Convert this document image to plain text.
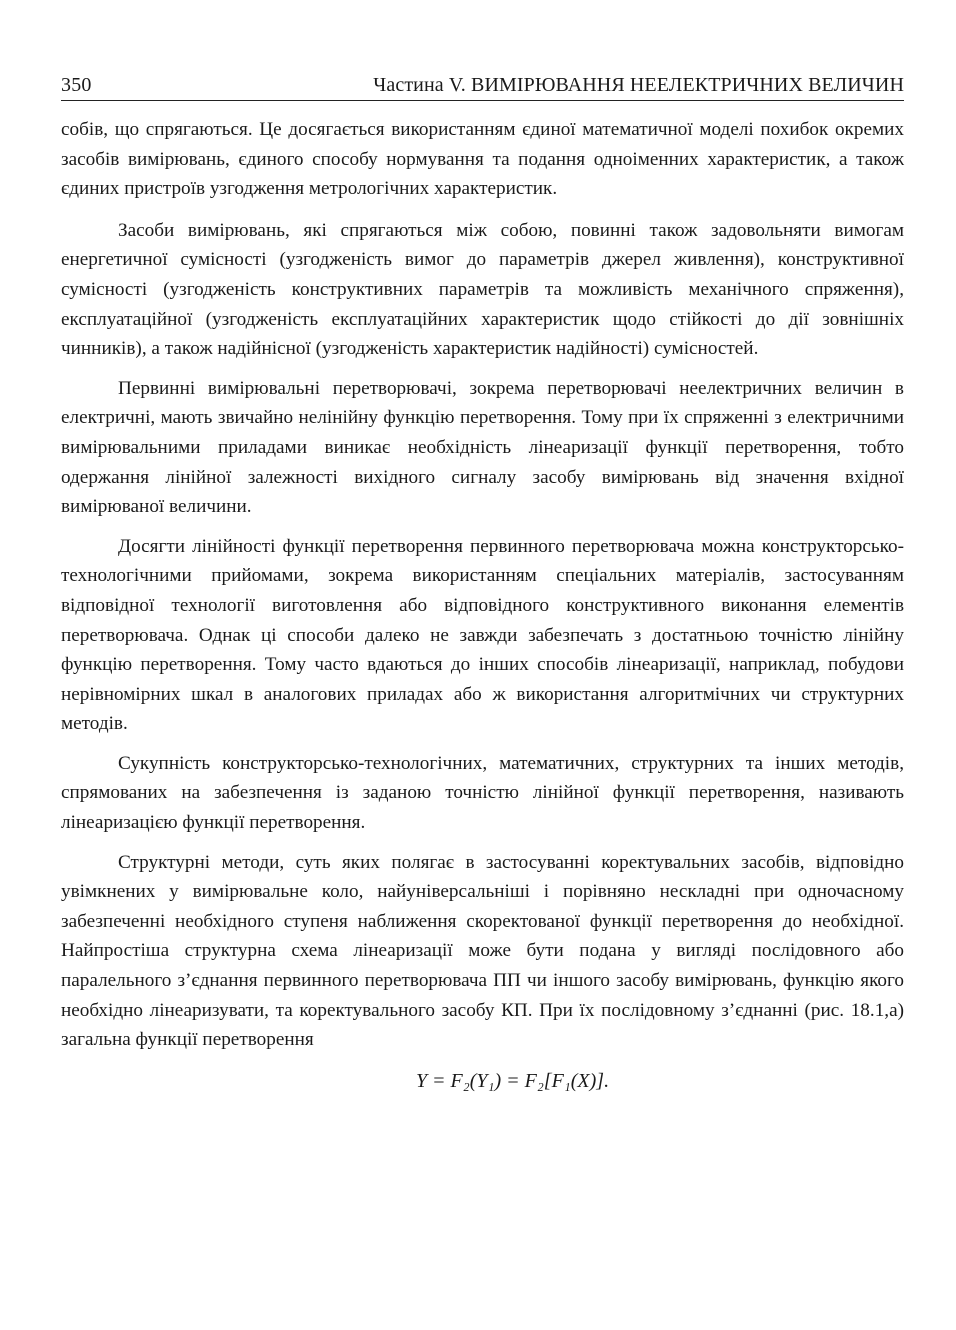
350	Частина V. ВИМІРЮВАННЯ НЕЕЛЕКТРИЧНИХ ВЕЛИЧИН

собів, що спрягаються. Це досягається використанням єдиної математичної моделі похибок окремих засобів вимірювань, єдиного способу нормування та подання одноіменних характеристик, а також єдиних пристроїв узгодження метрологічних характеристик.

Засоби вимірювань, які спрягаються між собою, повинні також задовольняти вимогам енергетичної сумісності (узгодженість вимог до параметрів джерел живлення), конструктивної сумісності (узгодженість конструктивних параметрів та можливість механічного спряження), експлуатаційної (узгодженість експлуатаційних характеристик щодо стійкості до дії зовнішніх чинників), а також надійнісної (узгодженість характеристик надійності) сумісностей.

Первинні вимірювальні перетворювачі, зокрема перетворювачі неелектричних величин в електричні, мають звичайно нелінійну функцію перетворення. Тому при їх спряженні з електричними вимірювальними приладами виникає необхідність лінеаризації функції перетворення, тобто одержання лінійної залежності вихідного сигналу засобу вимірювань від значення вхідної вимірюваної величини.

Досягти лінійності функції перетворення первинного перетворювача можна конструкторсько-технологічними прийомами, зокрема використанням спеціальних матеріалів, застосуванням відповідної технології виготовлення або відповідного конструктивного виконання елементів перетворювача. Однак ці способи далеко не завжди забезпечать з достатньою точністю лінійну функцію перетворення. Тому часто вдаються до інших способів лінеаризації, наприклад, побудови нерівномірних шкал в аналогових приладах або ж використання алгоритмічних чи структурних методів.

Сукупність конструкторсько-технологічних, математичних, структурних та інших методів, спрямованих на забезпечення із заданою точністю лінійної функції перетворення, називають лінеаризацією функції перетворення.

Структурні методи, суть яких полягає в застосуванні коректувальних засобів, відповідно увімкнених у вимірювальне коло, найуніверсальніші і порівняно нескладні при одночасному забезпеченні необхідного ступеня наближення скоректованої функції перетворення до необхідної. Найпростіша структурна схема лінеаризації може бути подана у вигляді послідовного або паралельного з’єднання первинного перетворювача ПП чи іншого засобу вимірювань, функцію якого необхідно лінеаризувати, та коректувального засобу КП. При їх послідовному з’єднанні (рис. 18.1,а) загальна функції перетворення

Y = F₂(Y₁) = F₂[F₁(X)].
